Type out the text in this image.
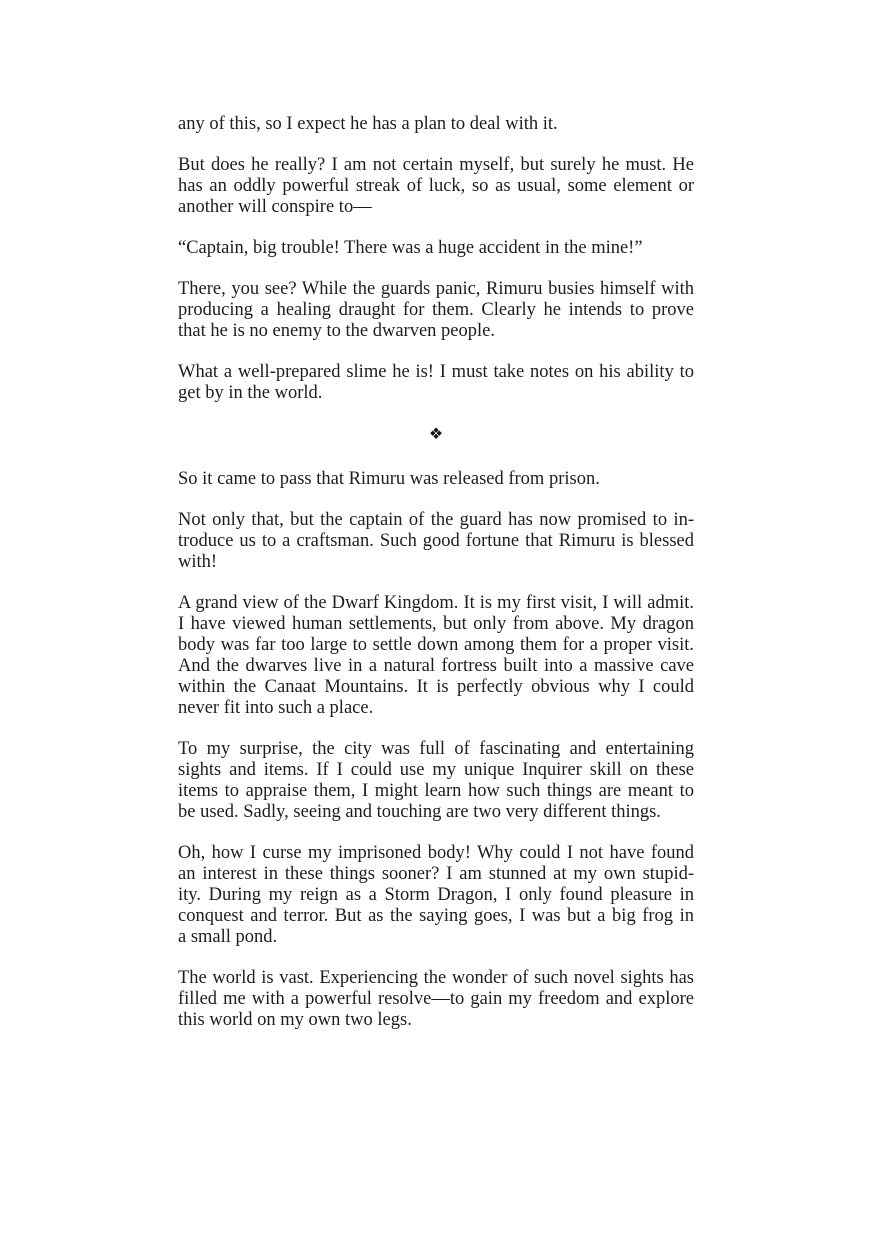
any of this, so I expect he has a plan to deal with it.

But does he really? I am not certain myself, but surely he must. He
has an oddly powerful streak of luck, so as usual, some element or
another will conspire to—

“Captain, big trouble! There was a huge accident in the mine!”

There, you see? While the guards panic, Rimuru busies himself with
producing a healing draught for them. Clearly he intends to prove
that he is no enemy to the dwarven people.

What a well-prepared slime he is! I must take notes on his ability to
get by in the world.

❖

So it came to pass that Rimuru was released from prison.

Not only that, but the captain of the guard has now promised to in-
troduce us to a craftsman. Such good fortune that Rimuru is blessed
with!

A grand view of the Dwarf Kingdom. It is my first visit, I will admit.
I have viewed human settlements, but only from above. My dragon
body was far too large to settle down among them for a proper visit.
And the dwarves live in a natural fortress built into a massive cave
within the Canaat Mountains. It is perfectly obvious why I could
never fit into such a place.

To my surprise, the city was full of fascinating and entertaining
sights and items. If I could use my unique Inquirer skill on these
items to appraise them, I might learn how such things are meant to
be used. Sadly, seeing and touching are two very different things.

Oh, how I curse my imprisoned body! Why could I not have found
an interest in these things sooner? I am stunned at my own stupid-
ity. During my reign as a Storm Dragon, I only found pleasure in
conquest and terror. But as the saying goes, I was but a big frog in
a small pond.

The world is vast. Experiencing the wonder of such novel sights has
filled me with a powerful resolve—to gain my freedom and explore
this world on my own two legs.
